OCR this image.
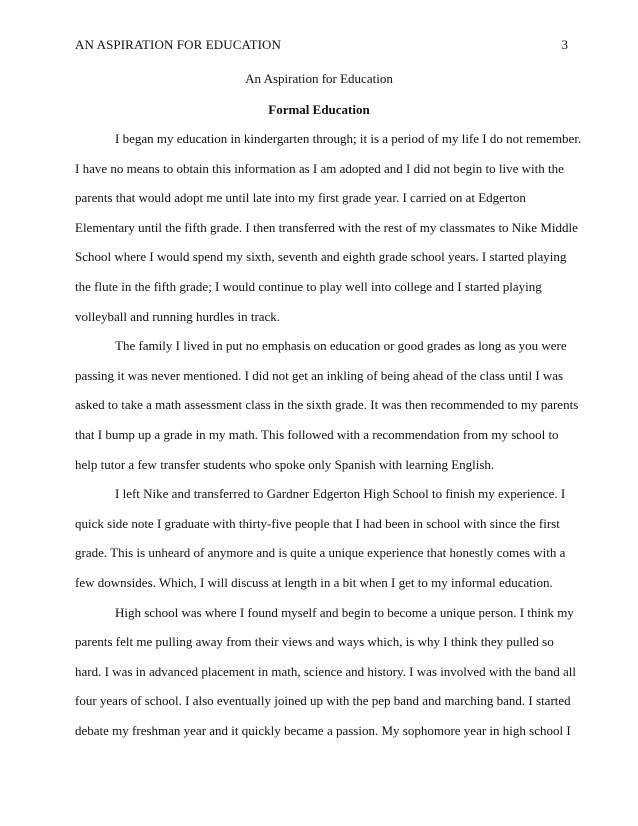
AN ASPIRATION FOR EDUCATION	3
An Aspiration for Education
Formal Education
I began my education in kindergarten through; it is a period of my life I do not remember.
I have no means to obtain this information as I am adopted and I did not begin to live with the
parents that would adopt me until late into my first grade year. I carried on at Edgerton
Elementary until the fifth grade. I then transferred with the rest of my classmates to Nike Middle
School where I would spend my sixth, seventh and eighth grade school years. I started playing
the flute in the fifth grade; I would continue to play well into college and I started playing
volleyball and running hurdles in track.
The family I lived in put no emphasis on education or good grades as long as you were
passing it was never mentioned. I did not get an inkling of being ahead of the class until I was
asked to take a math assessment class in the sixth grade. It was then recommended to my parents
that I bump up a grade in my math. This followed with a recommendation from my school to
help tutor a few transfer students who spoke only Spanish with learning English.
I left Nike and transferred to Gardner Edgerton High School to finish my experience. I
quick side note I graduate with thirty-five people that I had been in school with since the first
grade. This is unheard of anymore and is quite a unique experience that honestly comes with a
few downsides. Which, I will discuss at length in a bit when I get to my informal education.
High school was where I found myself and begin to become a unique person. I think my
parents felt me pulling away from their views and ways which, is why I think they pulled so
hard. I was in advanced placement in math, science and history. I was involved with the band all
four years of school. I also eventually joined up with the pep band and marching band. I started
debate my freshman year and it quickly became a passion. My sophomore year in high school I
